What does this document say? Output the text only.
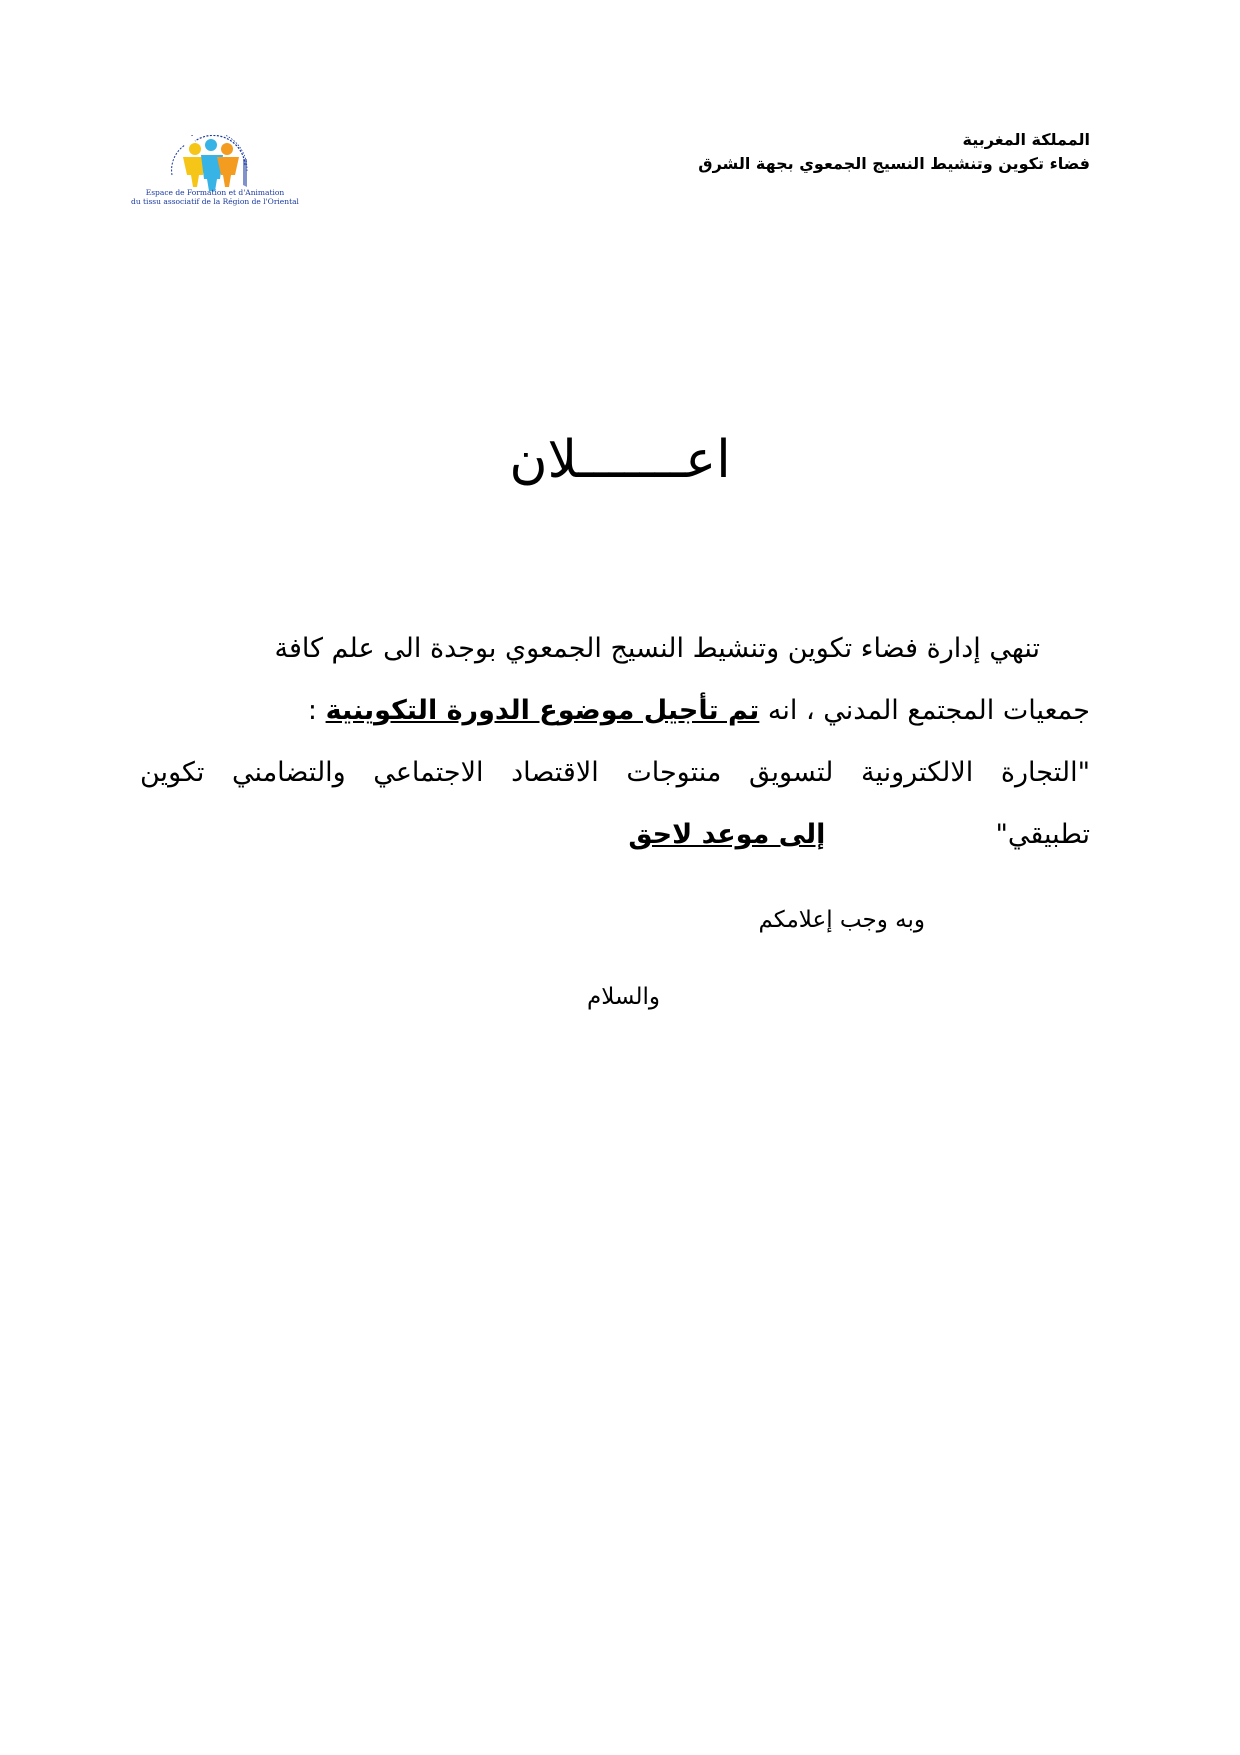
المملكة المغربية
فضاء تكوين وتنشيط النسيج الجمعوي بجهة الشرق
Espace de Formation et d'Animation
du tissu associatif de la Région de l'Oriental
اعـــــــلان
تنهي إدارة فضاء تكوين وتنشيط النسيج الجمعوي بوجدة الى علم كافة
جمعيات المجتمع المدني ، انه تم تأجيل موضوع الدورة التكوينية :
"التجارة الالكترونية لتسويق منتوجات الاقتصاد الاجتماعي والتضامني تكوين
تطبيقي"إلى موعد لاحق
وبه وجب إعلامكم
والسلام
